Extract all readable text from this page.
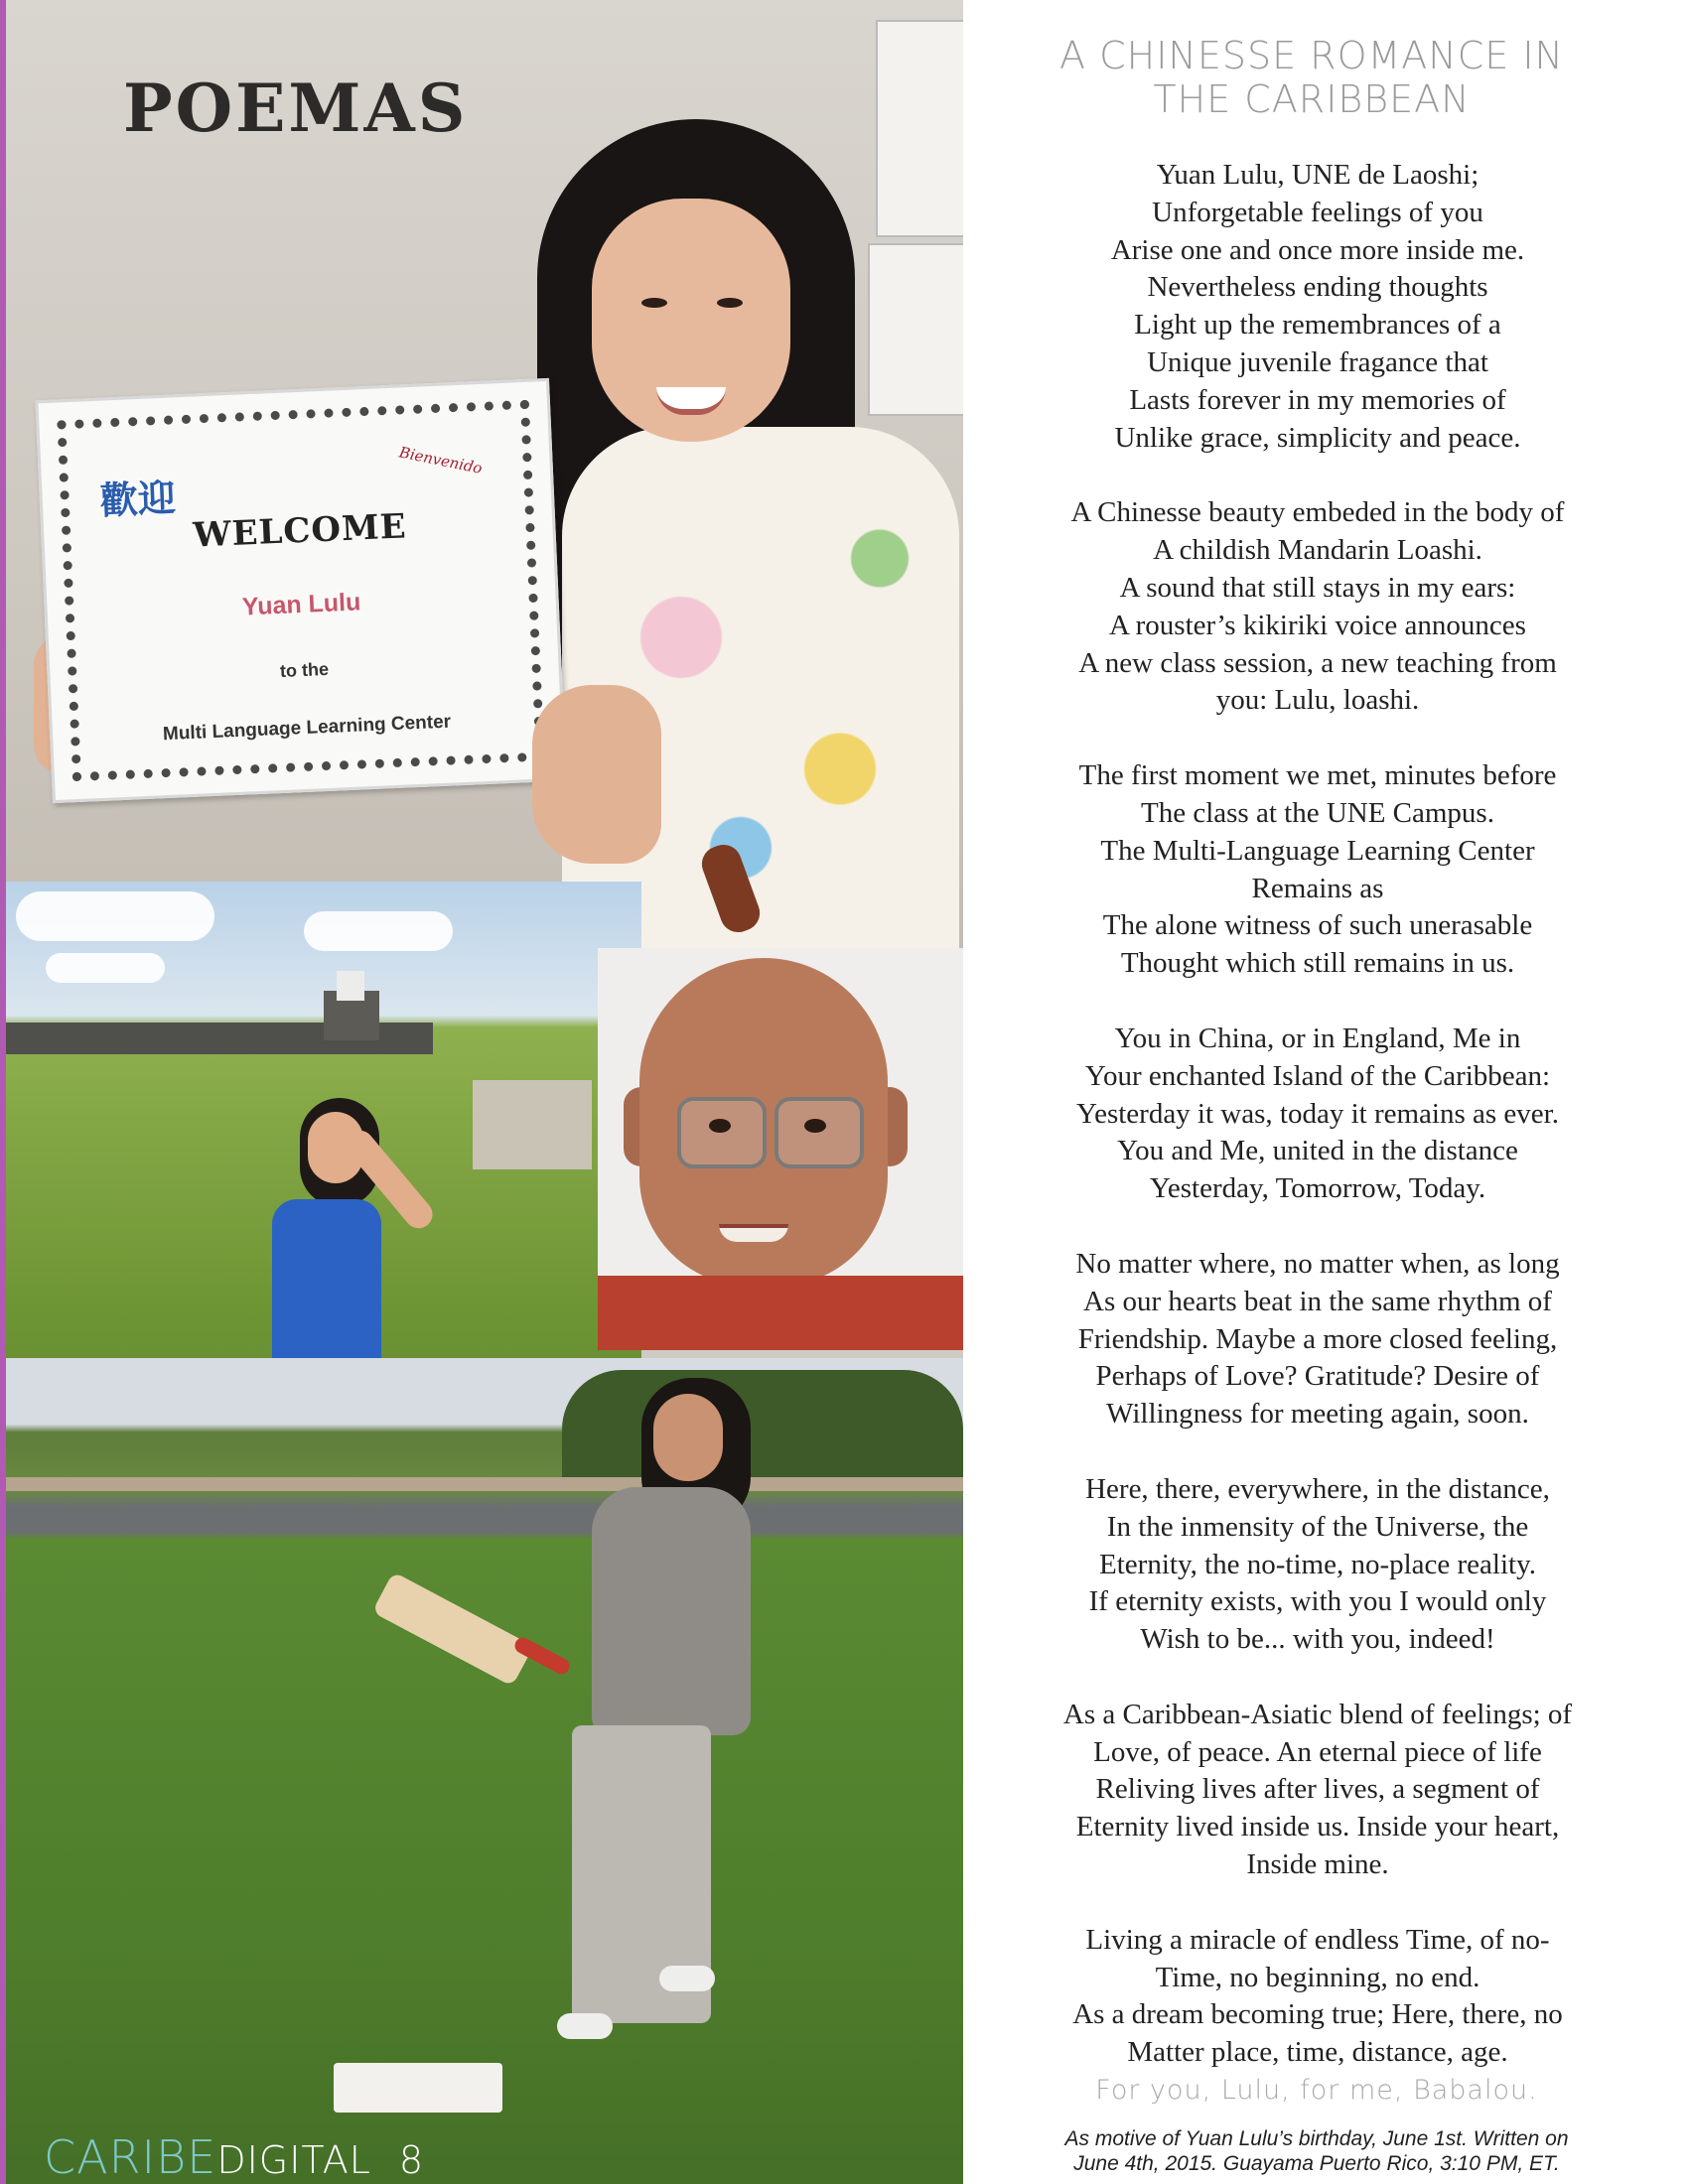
歡迎
Bienvenido
WELCOME
Yuan Lulu
to the
Multi Language Learning Center
POEMAS
CARIBEDIGITAL 8
A CHINESSE ROMANCE IN
THE CARIBBEAN
Yuan Lulu, UNE de Laoshi;
Unforgetable feelings of you
Arise one and once more inside me.
Nevertheless ending thoughts
Light up the remembrances of a
Unique juvenile fragance that
Lasts forever in my memories of
Unlike grace, simplicity and peace.
A Chinesse beauty embeded in the body of
A childish Mandarin Loashi.
A sound that still stays in my ears:
A rouster’s kikiriki voice announces
A new class session, a new teaching from
you: Lulu, loashi.
The first moment we met, minutes before
The class at the UNE Campus.
The Multi-Language Learning Center
Remains as
The alone witness of such unerasable
Thought which still remains in us.
You in China, or in England, Me in
Your enchanted Island of the Caribbean:
Yesterday it was, today it remains as ever.
You and Me, united in the distance
Yesterday, Tomorrow, Today.
No matter where, no matter when, as long
As our hearts beat in the same rhythm of
Friendship. Maybe a more closed feeling,
Perhaps of Love? Gratitude? Desire of
Willingness for meeting again, soon.
Here, there, everywhere, in the distance,
In the inmensity of the Universe, the
Eternity, the no-time, no-place reality.
If eternity exists, with you I would only
Wish to be... with you, indeed!
As a Caribbean-Asiatic blend of feelings; of
Love, of peace. An eternal piece of life
Reliving lives after lives, a segment of
Eternity lived inside us. Inside your heart,
Inside mine.
Living a miracle of endless Time, of no-
Time, no beginning, no end.
As a dream becoming true; Here, there, no
Matter place, time, distance, age.
For you, Lulu, for me, Babalou.
As motive of Yuan Lulu’s birthday, June 1st. Written on
June 4th, 2015. Guayama Puerto Rico, 3:10 PM, ET.
